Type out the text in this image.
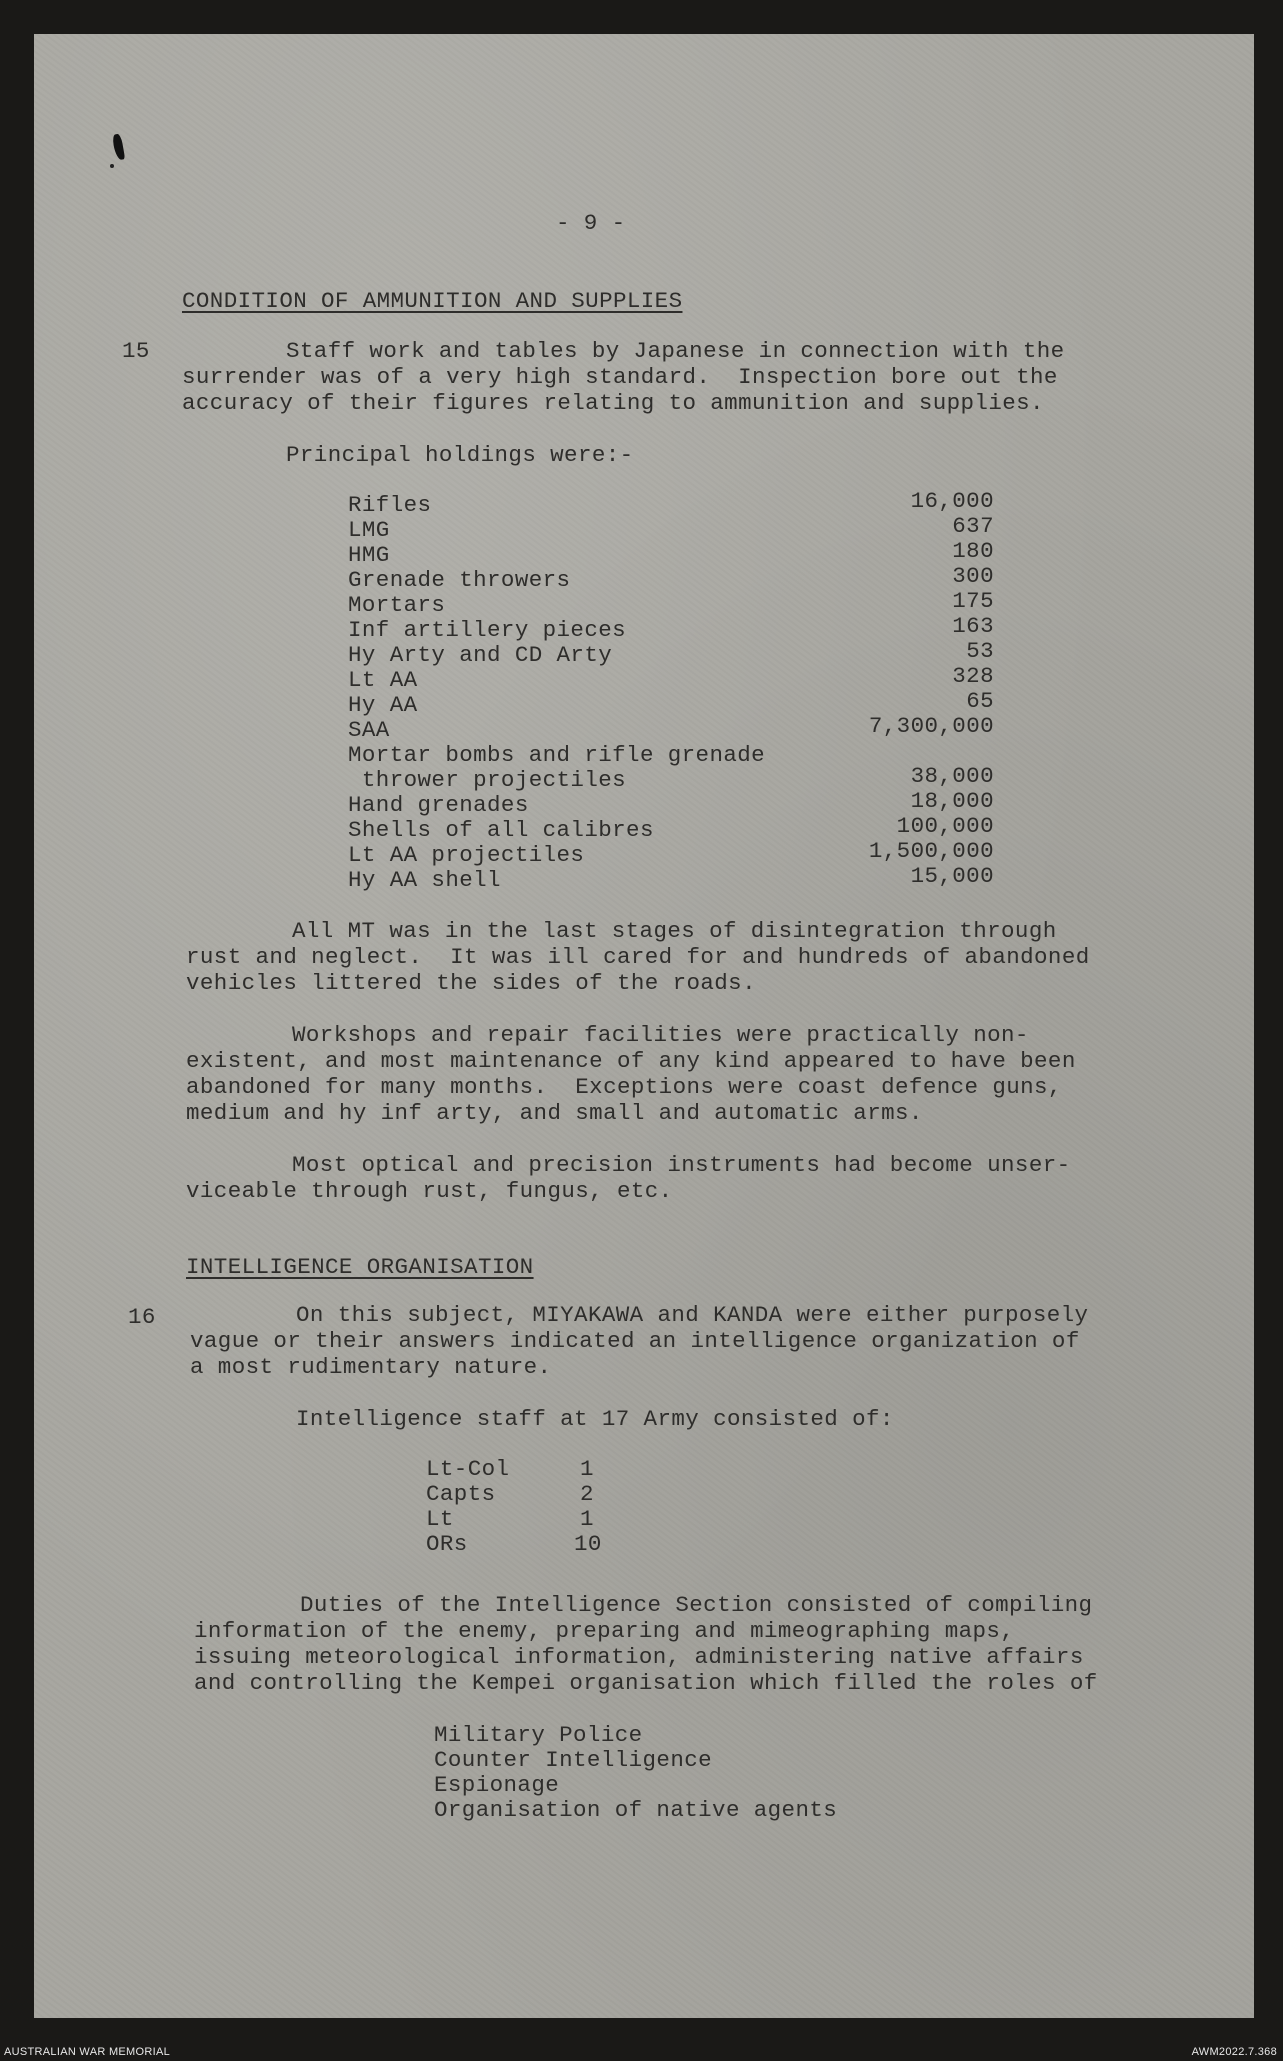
- 9 -
CONDITION OF AMMUNITION AND SUPPLIES
15	Staff work and tables by Japanese in connection with the
surrender was of a very high standard.  Inspection bore out the
accuracy of their figures relating to ammunition and supplies.
Principal holdings were:-
Rifles	16,000
LMG	637
HMG	180
Grenade throwers	300
Mortars	175
Inf artillery pieces	163
Hy Arty and CD Arty	53
Lt AA	328
Hy AA	65
SAA	7,300,000
Mortar bombs and rifle grenade
thrower projectiles	38,000
Hand grenades	18,000
Shells of all calibres	100,000
Lt AA projectiles	1,500,000
Hy AA shell	15,000
All MT was in the last stages of disintegration through
rust and neglect.  It was ill cared for and hundreds of abandoned
vehicles littered the sides of the roads.
Workshops and repair facilities were practically non-
existent, and most maintenance of any kind appeared to have been
abandoned for many months.  Exceptions were coast defence guns,
medium and hy inf arty, and small and automatic arms.
Most optical and precision instruments had become unser-
viceable through rust, fungus, etc.
INTELLIGENCE ORGANISATION
16	On this subject, MIYAKAWA and KANDA were either purposely
vague or their answers indicated an intelligence organization of
a most rudimentary nature.
Intelligence staff at 17 Army consisted of:
Lt-Col	1
Capts	2
Lt	1
ORs	10
Duties of the Intelligence Section consisted of compiling
information of the enemy, preparing and mimeographing maps,
issuing meteorological information, administering native affairs
and controlling the Kempei organisation which filled the roles of
Military Police
Counter Intelligence
Espionage
Organisation of native agents
AUSTRALIAN WAR MEMORIAL	AWM2022.7.368
